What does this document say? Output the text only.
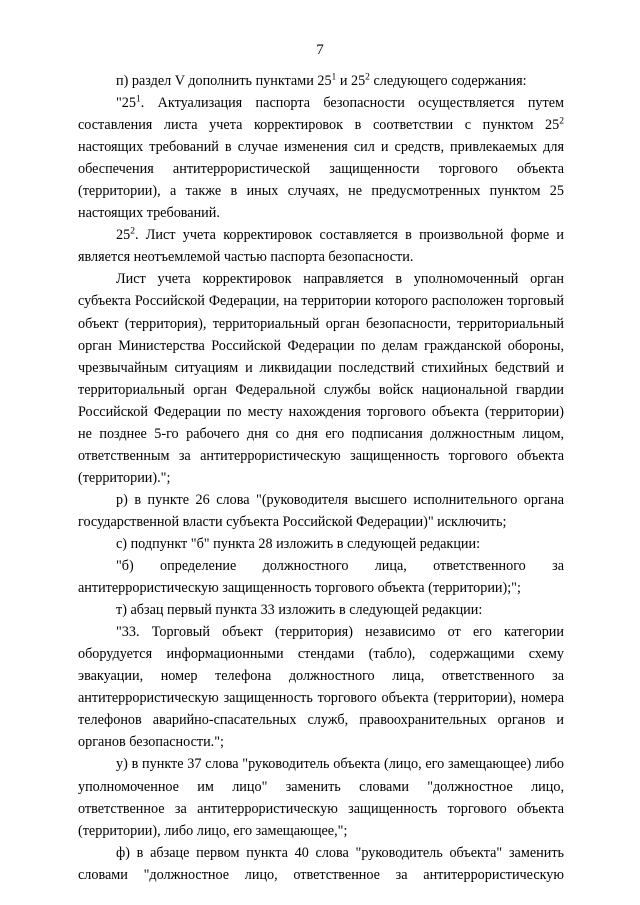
7

п) раздел V дополнить пунктами $25^1$ и $25^2$ следующего содержания:

"$25^1$. Актуализация паспорта безопасности осуществляется путем составления листа учета корректировок в соответствии с пунктом $25^2$ настоящих требований в случае изменения сил и средств, привлекаемых для обеспечения антитеррористической защищенности торгового объекта (территории), а также в иных случаях, не предусмотренных пунктом 25 настоящих требований.

$25^2$. Лист учета корректировок составляется в произвольной форме и является неотъемлемой частью паспорта безопасности.

Лист учета корректировок направляется в уполномоченный орган субъекта Российской Федерации, на территории которого расположен торговый объект (территория), территориальный орган безопасности, территориальный орган Министерства Российской Федерации по делам гражданской обороны, чрезвычайным ситуациям и ликвидации последствий стихийных бедствий и территориальный орган Федеральной службы войск национальной гвардии Российской Федерации по месту нахождения торгового объекта (территории) не позднее 5-го рабочего дня со дня его подписания должностным лицом, ответственным за антитеррористическую защищенность торгового объекта (территории).";

р) в пункте 26 слова "(руководителя высшего исполнительного органа государственной власти субъекта Российской Федерации)" исключить;

с) подпункт "б" пункта 28 изложить в следующей редакции:

"б) определение должностного лица, ответственного за антитеррористическую защищенность торгового объекта (территории);";

т) абзац первый пункта 33 изложить в следующей редакции:

"33. Торговый объект (территория) независимо от его категории оборудуется информационными стендами (табло), содержащими схему эвакуации, номер телефона должностного лица, ответственного за антитеррористическую защищенность торгового объекта (территории), номера телефонов аварийно-спасательных служб, правоохранительных органов и органов безопасности.";

у) в пункте 37 слова "руководитель объекта (лицо, его замещающее) либо уполномоченное им лицо" заменить словами "должностное лицо, ответственное за антитеррористическую защищенность торгового объекта (территории), либо лицо, его замещающее,";

ф) в абзаце первом пункта 40 слова "руководитель объекта" заменить словами "должностное лицо, ответственное за антитеррористическую
